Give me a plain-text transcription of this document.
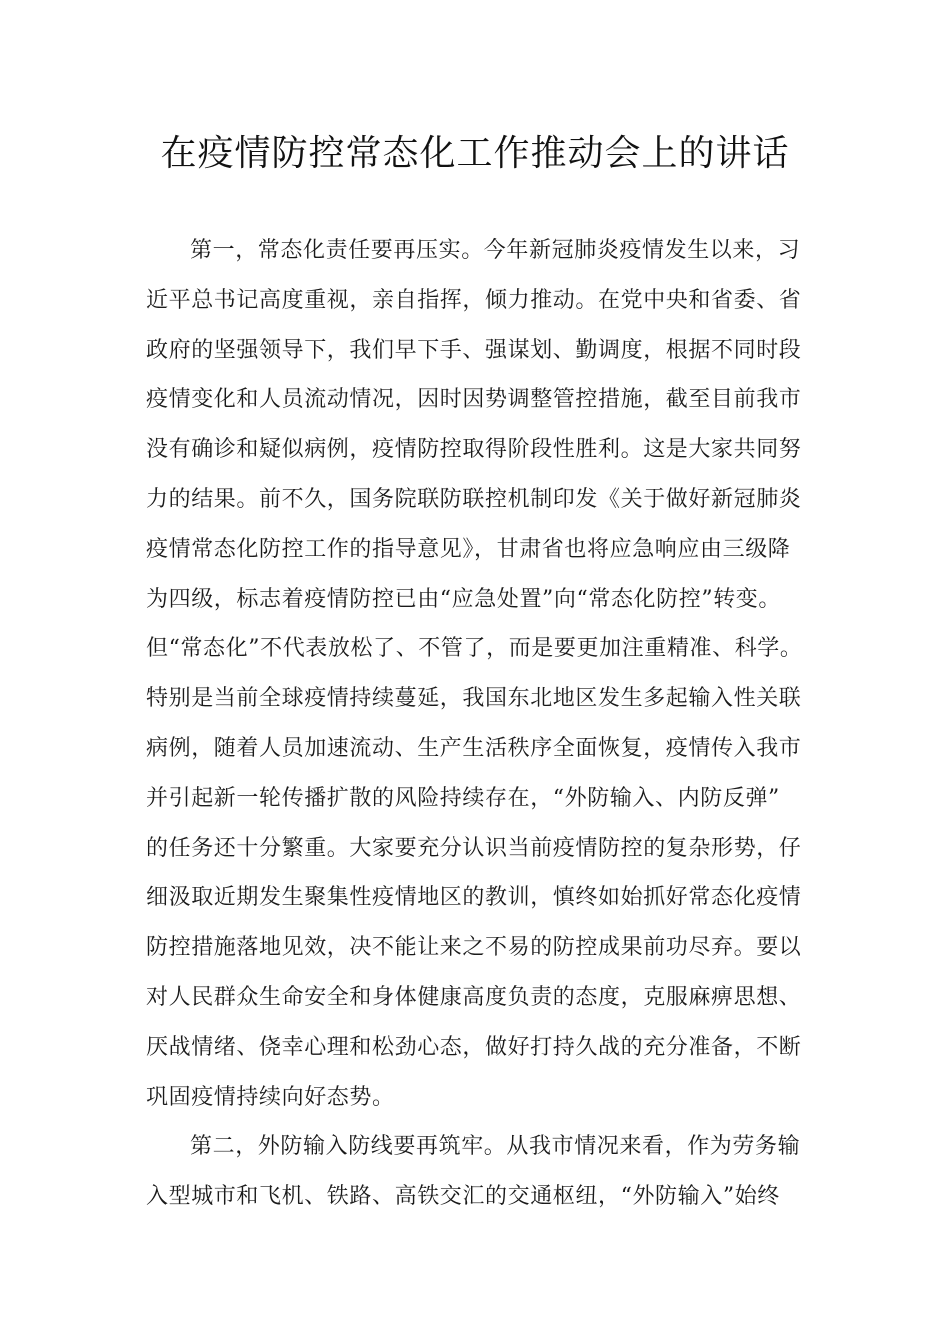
在疫情防控常态化工作推动会上的讲话
第一，常态化责任要再压实。今年新冠肺炎疫情发生以来，习
近平总书记高度重视，亲自指挥，倾力推动。在党中央和省委、省
政府的坚强领导下，我们早下手、强谋划、勤调度，根据不同时段
疫情变化和人员流动情况，因时因势调整管控措施，截至目前我市
没有确诊和疑似病例，疫情防控取得阶段性胜利。这是大家共同努
力的结果。前不久，国务院联防联控机制印发《关于做好新冠肺炎
疫情常态化防控工作的指导意见》，甘肃省也将应急响应由三级降
为四级，标志着疫情防控已由“应急处置”向“常态化防控”转变。
但“常态化”不代表放松了、不管了，而是要更加注重精准、科学。
特别是当前全球疫情持续蔓延，我国东北地区发生多起输入性关联
病例，随着人员加速流动、生产生活秩序全面恢复，疫情传入我市
并引起新一轮传播扩散的风险持续存在，“外防输入、内防反弹”
的任务还十分繁重。大家要充分认识当前疫情防控的复杂形势，仔
细汲取近期发生聚集性疫情地区的教训，慎终如始抓好常态化疫情
防控措施落地见效，决不能让来之不易的防控成果前功尽弃。要以
对人民群众生命安全和身体健康高度负责的态度，克服麻痹思想、
厌战情绪、侥幸心理和松劲心态，做好打持久战的充分准备，不断
巩固疫情持续向好态势。
第二，外防输入防线要再筑牢。从我市情况来看，作为劳务输
入型城市和飞机、铁路、高铁交汇的交通枢纽，“外防输入”始终
